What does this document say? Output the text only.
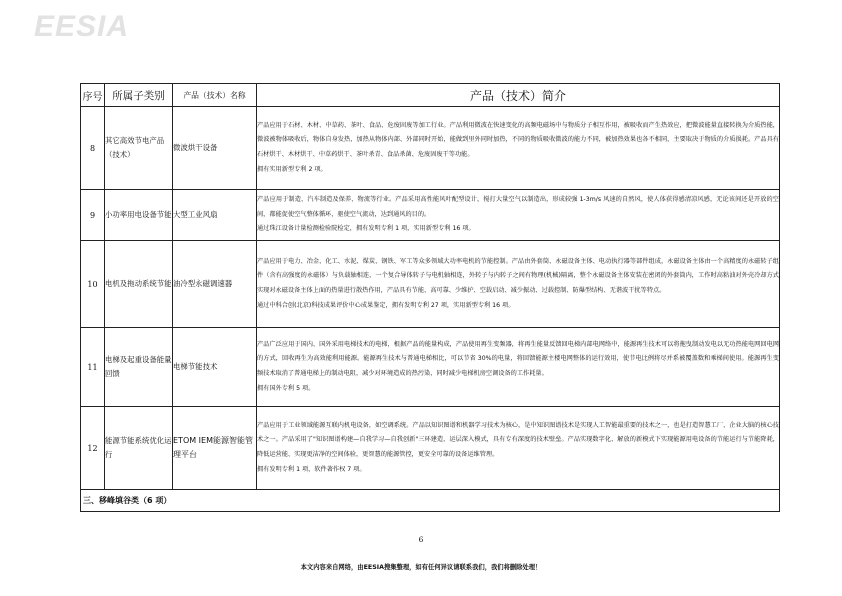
EESIA
序号	所属子类别	产品（技术）名称	产品（技术）简介
8	其它高效节电产品（技术）	微波烘干设备	产品应用于石材、木材、中草药、茶叶、食品、危废固废等加工行业。产品利用微波在快速变化的高频电磁场中与物质分子相互作用，被吸收而产生热效应，把微波能量直接转换为介质热能，微波被物体吸收后，物体自身发热，加热从物体内部、外部同时开始，能做到里外同时加热，不同的物质吸收微波的能力不同，被加热效果也各不相同，主要取决于物质的介质损耗。产品具有石材烘干、木材烘干、中草药烘干、茶叶杀青、食品杀菌、危废固废干等功能。

拥有实用新型专利 2 项。

9	小功率用电设备节能	大型工业风扇	产品应用于制造、汽车制造及保养、物流等行业。产品采用高性能风叶配型设计，搅打大量空气以制造出，形成较强 1-3m/s 风速的自然风，使人体获得感清凉风感，无论该间还是开放的空间，都能促使空气整体循环，驱使空气流动，达到通风的目的。

通过珠江设备计量检测检验院检定，拥有发明专利 1 项，实用新型专利 16 项。

10	电机及拖动系统节能	油冷型永磁调速器	产品应用于电力、冶金、化工、水泥、煤炭、钢铁、军工等众多领域大功率电机的节能控制。产品由外套筒、永磁设备主体、电动执行器等部件组成，永磁设备主体由一个高精度的永磁转子组件（含有高强度的永磁体）与负载轴相连，一个复合导体转子与电机轴相连，外转子与内转子之间有物理(机械)隔离，整个永磁设备主体安装在密闭的外套筒内，工作时高粘油对外壳冷却方式实现对永磁设备主体上面的热量进行散热作用，产品具有节能、高可靠、少维护、空载启动、减少振动、过载控制、防爆型结构、无谐波干扰等特点。

通过中科合创(北京)科技成果评价中心成果鉴定，拥有发明专利 27 项，实用新型专利 16 项。

11	电梯及起重设备能量回馈	电梯节能技术	产品广泛应用于国内、国外采用电梯技术的电梯，根据产品的能量构成，产品使用再生变频器，将再生能量反馈回电梯内部电网络中，能源再生技术可以将拖曳制动发电以无功热能电网回电网的方式，回收再生为高效能利用能源。能源再生技术与普通电梯相比，可以节省 30%的电量，将回馈能源主楼电网整体的运行效用，使节电比例将尽并系被覆盖数和乘梯间使用。能源再生变频技术取消了普通电梯上的制动电阻，减少对环境造成的热污染，同时减少电梯机房空调设备的工作耗量。

拥有国外专利 5 项。

12	能源节能系统优化运行	ETOM IEM能源智能管理平台	产品应用于工业领域能源互联内机电设备，如空调系统。产品以知识图谱和机器学习技术为核心，是中知识图谱技术是实现人工智能最重要的技术之一，也是打造智慧工厂、企业大脑的核心技术之一。产品采用了"知识图谱构建—自我学习—自我创新"三环建造、运层深入模式，具有专有深度的技术壁垒。产品实现数字化、解放的新模式下实现能源用电设备的节能运行与节能降耗，降低运营能、实现更洁净的空间体验，更智慧的能源管控，更安全可靠的设备运维管理。

拥有发明专利 1 项，软件著作权 7 项。

三、移峰填谷类（6 项）			
6
本文内容来自网络，由EESIA搜集整理，如有任何异议请联系我们，我们将删除处理！
